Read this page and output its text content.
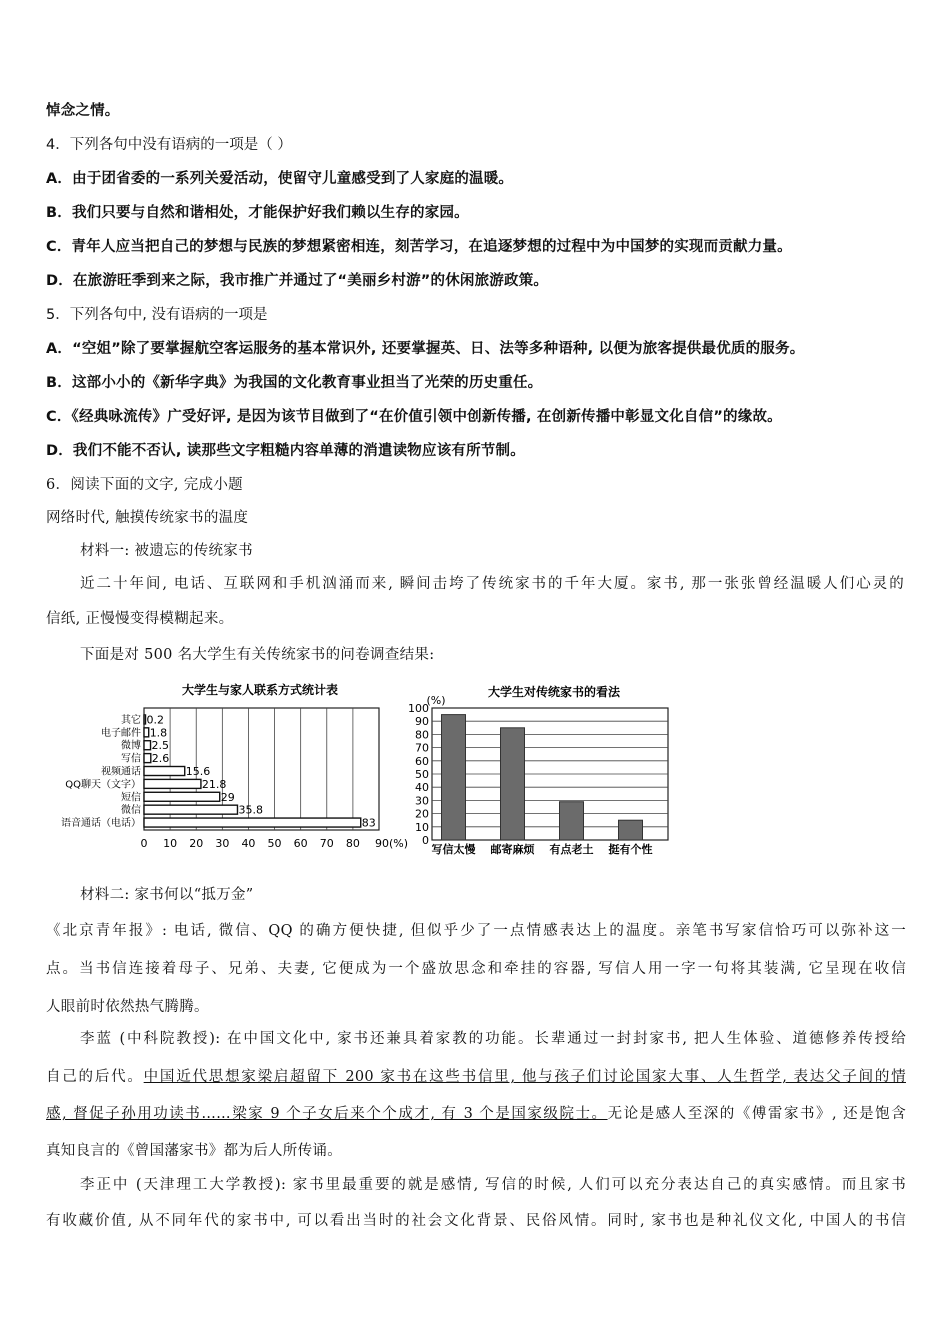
悼念之情。
4．下列各句中没有语病的一项是（ ）
A．由于团省委的一系列关爱活动，使留守儿童感受到了人家庭的温暖。
B．我们只要与自然和谐相处，才能保护好我们赖以生存的家园。
C．青年人应当把自己的梦想与民族的梦想紧密相连，刻苦学习，在追逐梦想的过程中为中国梦的实现而贡献力量。
D．在旅游旺季到来之际，我市推广并通过了“美丽乡村游”的休闲旅游政策。
5．下列各句中, 没有语病的一项是
A．“空姐”除了要掌握航空客运服务的基本常识外, 还要掌握英、日、法等多种语种, 以便为旅客提供最优质的服务。
B．这部小小的《新华字典》为我国的文化教育事业担当了光荣的历史重任。
C．《经典咏流传》广受好评, 是因为该节目做到了“在价值引领中创新传播, 在创新传播中彰显文化自信”的缘故。
D．我们不能不否认, 读那些文字粗糙内容单薄的消遣读物应该有所节制。
6．阅读下面的文字, 完成小题
网络时代, 触摸传统家书的温度
材料一: 被遗忘的传统家书
近二十年间, 电话、互联网和手机汹涌而来, 瞬间击垮了传统家书的千年大厦。家书, 那一张张曾经温暖人们心灵的
信纸, 正慢慢变得模糊起来。
下面是对 500 名大学生有关传统家书的问卷调查结果:
大学生与家人联系方式统计表
其它
电子邮件
微博
写信
视频通话
QQ聊天（文字）
短信
微信
语音通话（电话）
0.2
1.8
2.5
2.6
15.6
21.8
29
35.8
83
0 10 20 30 40 50 60 70 80 90(%)
大学生对传统家书的看法
(%)
0
10
20
30
40
50
60
70
80
90
100
写信太慢 邮寄麻烦 有点老土 挺有个性
材料二: 家书何以“抵万金”
《北京青年报》: 电话, 微信、QQ 的确方便快捷, 但似乎少了一点情感表达上的温度。亲笔书写家信恰巧可以弥补这一
点。当书信连接着母子、兄弟、夫妻, 它便成为一个盛放思念和牵挂的容器, 写信人用一字一句将其装满, 它呈现在收信
人眼前时依然热气腾腾。
李蓝 (中科院教授): 在中国文化中, 家书还兼具着家教的功能。长辈通过一封封家书, 把人生体验、道德修养传授给
自己的后代。中国近代思想家梁启超留下 200 家书在这些书信里, 他与孩子们讨论国家大事、人生哲学, 表达父子间的情
感, 督促子孙用功读书……梁家 9 个子女后来个个成才, 有 3 个是国家级院士。无论是感人至深的《傅雷家书》, 还是饱含
真知良言的《曾国藩家书》都为后人所传诵。
李正中 (天津理工大学教授): 家书里最重要的就是感情, 写信的时候, 人们可以充分表达自己的真实感情。而且家书
有收藏价值, 从不同年代的家书中, 可以看出当时的社会文化背景、民俗风情。同时, 家书也是种礼仪文化, 中国人的书信
